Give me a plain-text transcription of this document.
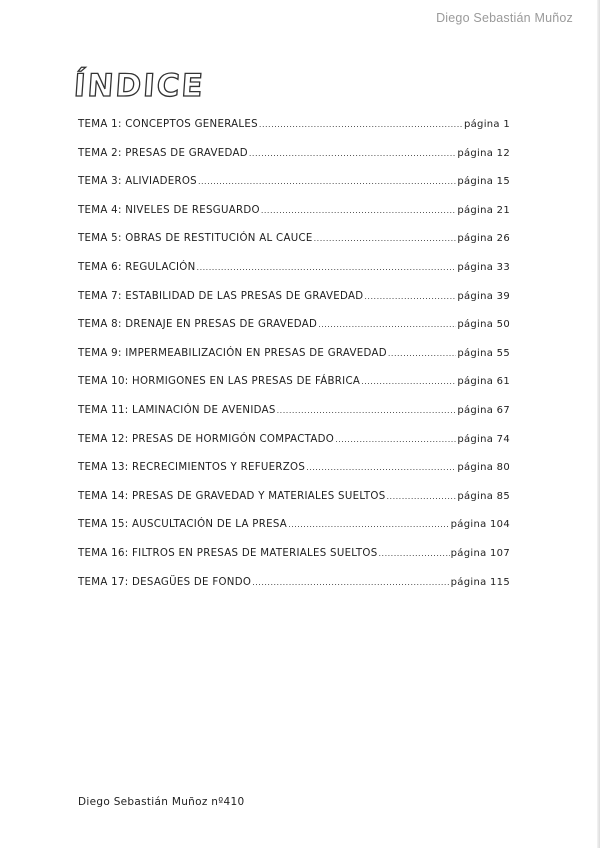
Diego Sebastián Muñoz
ÍNDICE
TEMA 1: CONCEPTOS GENERALES .....	página 1
TEMA 2: PRESAS DE GRAVEDAD .....	página 12
TEMA 3: ALIVIADEROS .....	página 15
TEMA 4: NIVELES DE RESGUARDO .....	página 21
TEMA 5: OBRAS DE RESTITUCIÓN AL CAUCE .....	página 26
TEMA 6: REGULACIÓN .....	página 33
TEMA 7: ESTABILIDAD DE LAS PRESAS DE GRAVEDAD .....	página 39
TEMA 8: DRENAJE EN PRESAS DE GRAVEDAD .....	página 50
TEMA 9: IMPERMEABILIZACIÓN EN PRESAS DE GRAVEDAD .....	página 55
TEMA 10: HORMIGONES EN LAS PRESAS DE FÁBRICA .....	página 61
TEMA 11: LAMINACIÓN DE AVENIDAS .....	página 67
TEMA 12: PRESAS DE HORMIGÓN COMPACTADO .....	página 74
TEMA 13: RECRECIMIENTOS Y REFUERZOS .....	página 80
TEMA 14: PRESAS DE GRAVEDAD Y MATERIALES SUELTOS .....	página 85
TEMA 15: AUSCULTACIÓN DE LA PRESA .....	página 104
TEMA 16: FILTROS EN PRESAS DE MATERIALES SUELTOS .....	página 107
TEMA 17: DESAGÜES DE FONDO .....	página 115
Diego Sebastián Muñoz nº410
